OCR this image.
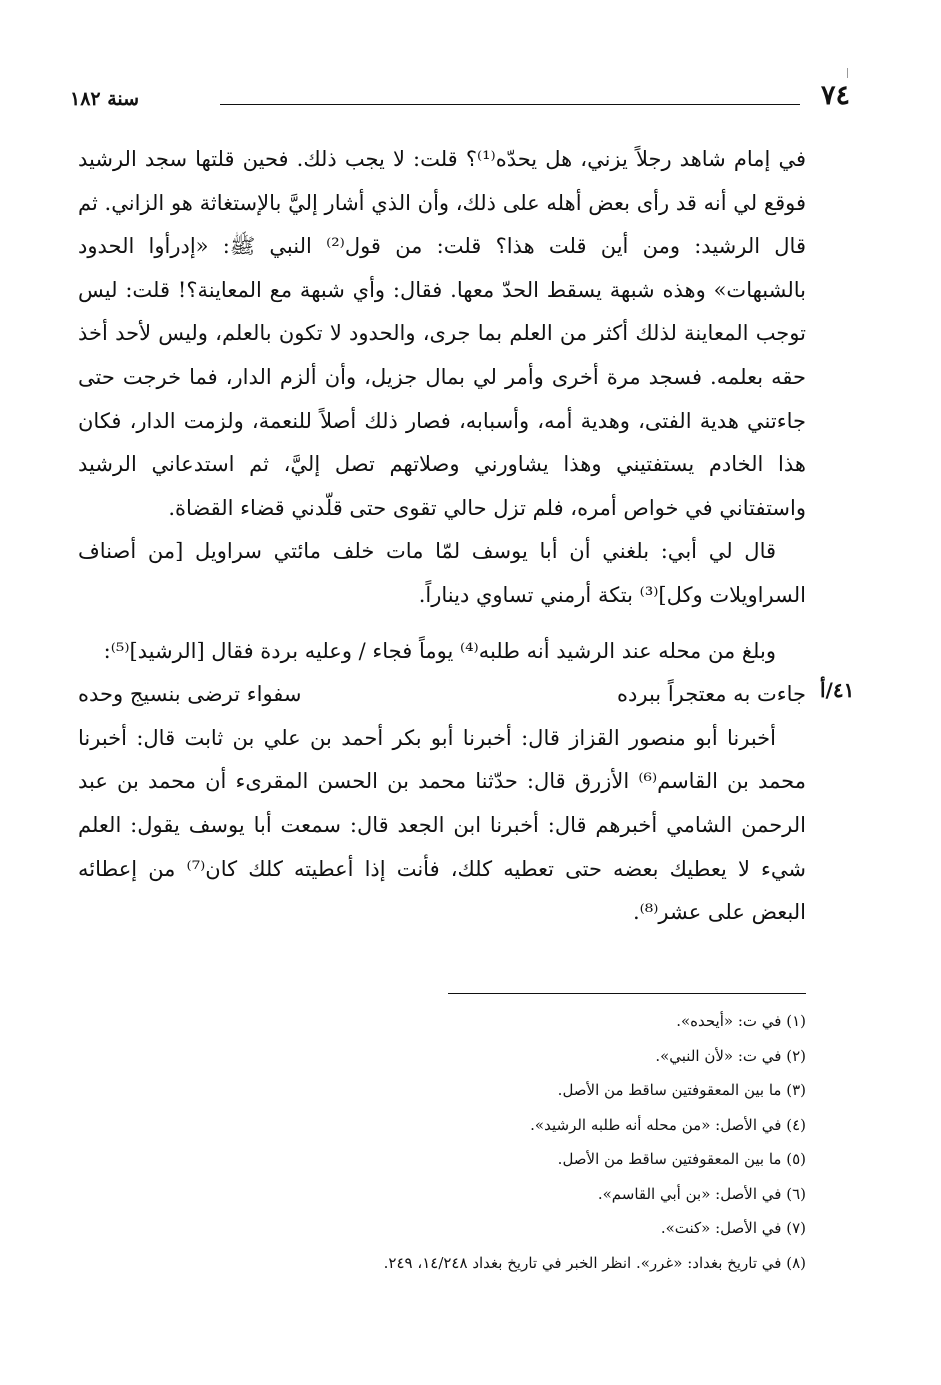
سنة ١٨٢	٧٤
٤١/أ

في إمام شاهد رجلاً يزني، هل يحدّه⁽¹⁾؟ قلت: لا يجب ذلك. فحين قلتها سجد الرشيد فوقع لي أنه قد رأى بعض أهله على ذلك، وأن الذي أشار إليَّ بالإستغاثة هو الزاني. ثم قال الرشيد: ومن أين قلت هذا؟ قلت: من قول⁽²⁾ النبي ﷺ: «إدرأوا الحدود بالشبهات» وهذه شبهة يسقط الحدّ معها. فقال: وأي شبهة مع المعاينة؟! قلت: ليس توجب المعاينة لذلك أكثر من العلم بما جرى، والحدود لا تكون بالعلم، وليس لأحد أخذ حقه بعلمه. فسجد مرة أخرى وأمر لي بمال جزيل، وأن ألزم الدار، فما خرجت حتى جاءتني هدية الفتى، وهدية أمه، وأسبابه، فصار ذلك أصلاً للنعمة، ولزمت الدار، فكان هذا الخادم يستفتيني وهذا يشاورني وصلاتهم تصل إليَّ، ثم استدعاني الرشيد واستفتاني في خواص أمره، فلم تزل حالي تقوى حتى قلّدني قضاء القضاة.

قال لي أبي: بلغني أن أبا يوسف لمّا مات خلف مائتي سراويل [من أصناف السراويلات وكل]⁽³⁾ بتكة أرمني تساوي ديناراً.

وبلغ من محله عند الرشيد أنه طلبه⁽⁴⁾ يوماً فجاء / وعليه بردة فقال [الرشيد]⁽⁵⁾:

جاءت به معتجراً ببرده
سفواء ترضى بنسيج وحده

أخبرنا أبو منصور القزاز قال: أخبرنا أبو بكر أحمد بن علي بن ثابت قال: أخبرنا محمد بن القاسم⁽⁶⁾ الأزرق قال: حدّثنا محمد بن الحسن المقرىء أن محمد بن عبد الرحمن الشامي أخبرهم قال: أخبرنا ابن الجعد قال: سمعت أبا يوسف يقول: العلم شيء لا يعطيك بعضه حتى تعطيه كلك، فأنت إذا أعطيته كلك كان⁽⁷⁾ من إعطائه البعض على عشر⁽⁸⁾.

(١) في ت: «أيحده».

(٢) في ت: «لأن النبي».

(٣) ما بين المعقوفتين ساقط من الأصل.

(٤) في الأصل: «من محله أنه طلبه الرشيد».

(٥) ما بين المعقوفتين ساقط من الأصل.

(٦) في الأصل: «بن أبي القاسم».

(٧) في الأصل: «كنت».

(٨) في تاريخ بغداد: «غرر». انظر الخبر في تاريخ بغداد ١٤/٢٤٨، ٢٤٩.
